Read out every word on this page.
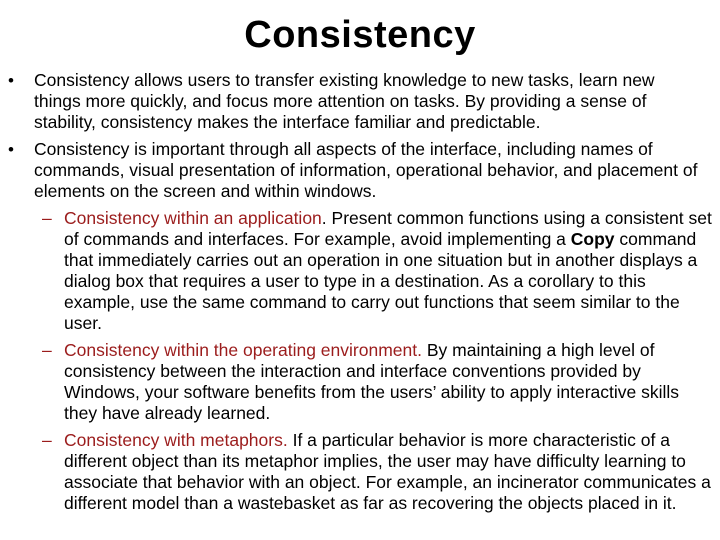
Consistency
• Consistency allows users to transfer existing knowledge to new tasks, learn new things more quickly, and focus more attention on tasks. By providing a sense of stability, consistency makes the interface familiar and predictable.
• Consistency is important through all aspects of the interface, including names of commands, visual presentation of information, operational behavior, and placement of elements on the screen and within windows.
– Consistency within an application. Present common functions using a consistent set of commands and interfaces. For example, avoid implementing a Copy command that immediately carries out an operation in one situation but in another displays a dialog box that requires a user to type in a destination. As a corollary to this example, use the same command to carry out functions that seem similar to the user.
– Consistency within the operating environment. By maintaining a high level of consistency between the interaction and interface conventions provided by Windows, your software benefits from the users’ ability to apply interactive skills they have already learned.
– Consistency with metaphors. If a particular behavior is more characteristic of a different object than its metaphor implies, the user may have difficulty learning to associate that behavior with an object. For example, an incinerator communicates a different model than a wastebasket as far as recovering the objects placed in it.
